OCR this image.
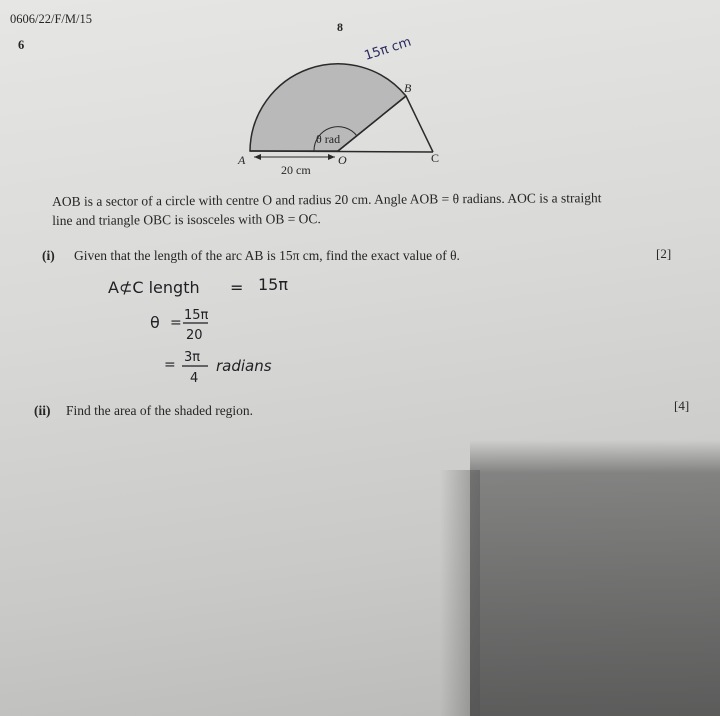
0606/22/F/M/15
8
6
A	O
B
C
θ rad
20 cm
15π cm
AOB is a sector of a circle with centre O and radius 20 cm. Angle AOB = θ radians. AOC is a straight
line and triangle OBC is isosceles with OB = OC.
(i) Given that the length of the arc AB is 15π cm, find the exact value of θ.	[2]
A⊄C length = 15π
θ = 15π
20
= 3π
4
radians
(ii) Find the area of the shaded region.	[4]
